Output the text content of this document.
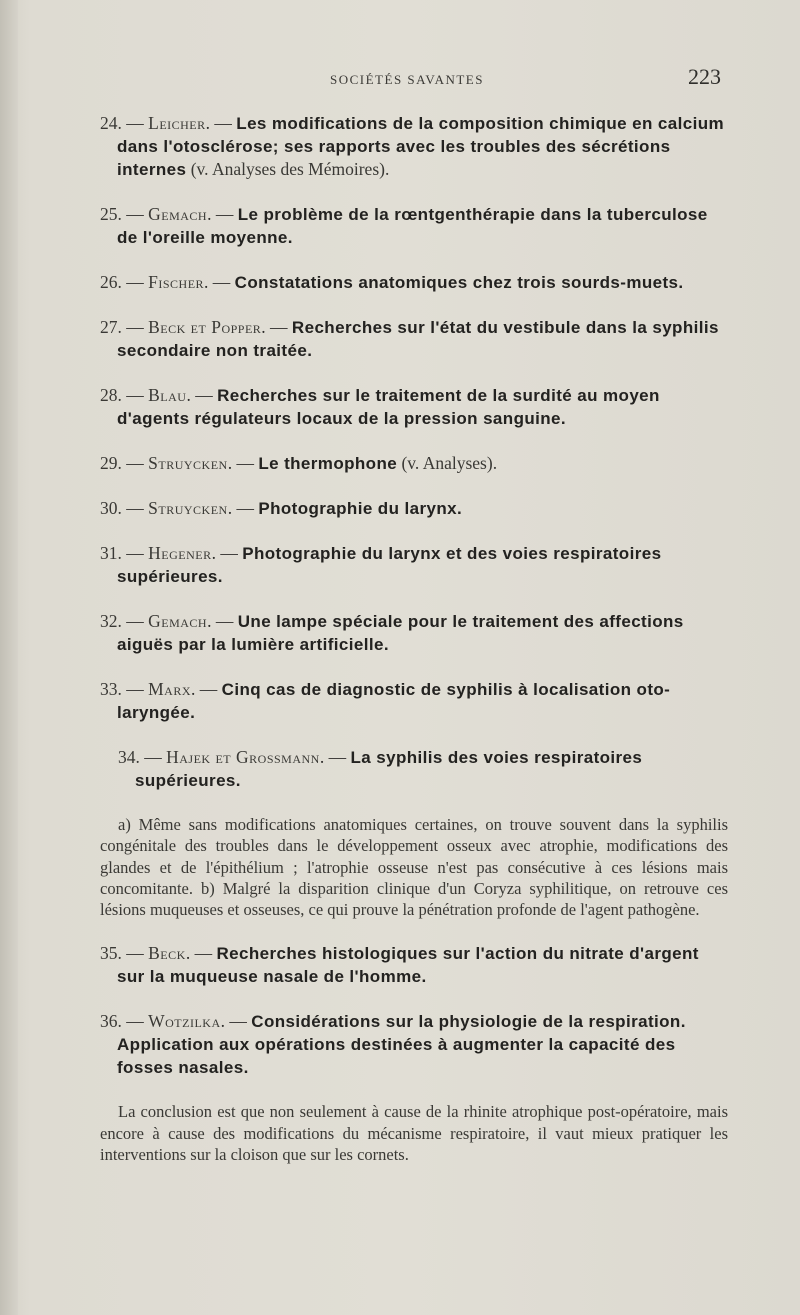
SOCIÉTÉS SAVANTES	223

24. — Leicher. — Les modifications de la composition chimique en calcium dans l'otosclérose; ses rapports avec les troubles des sécrétions internes (v. Analyses des Mémoires).

25. — Gemach. — Le problème de la rœntgenthérapie dans la tuberculose de l'oreille moyenne.

26. — Fischer. — Constatations anatomiques chez trois sourds-muets.

27. — Beck et Popper. — Recherches sur l'état du vestibule dans la syphilis secondaire non traitée.

28. — Blau. — Recherches sur le traitement de la surdité au moyen d'agents régulateurs locaux de la pression sanguine.

29. — Struycken. — Le thermophone (v. Analyses).

30. — Struycken. — Photographie du larynx.

31. — Hegener. — Photographie du larynx et des voies respiratoires supérieures.

32. — Gemach. — Une lampe spéciale pour le traitement des affections aiguës par la lumière artificielle.

33. — Marx. — Cinq cas de diagnostic de syphilis à localisation oto-laryngée.

34. — Hajek et Grossmann. — La syphilis des voies respiratoires supérieures.

a) Même sans modifications anatomiques certaines, on trouve souvent dans la syphilis congénitale des troubles dans le développement osseux avec atrophie, modifications des glandes et de l'épithélium ; l'atrophie osseuse n'est pas consécutive à ces lésions mais concomitante. b) Malgré la disparition clinique d'un Coryza syphilitique, on retrouve ces lésions muqueuses et osseuses, ce qui prouve la pénétration profonde de l'agent pathogène.

35. — Beck. — Recherches histologiques sur l'action du nitrate d'argent sur la muqueuse nasale de l'homme.

36. — Wotzilka. — Considérations sur la physiologie de la respiration. Application aux opérations destinées à augmenter la capacité des fosses nasales.

La conclusion est que non seulement à cause de la rhinite atrophique post-opératoire, mais encore à cause des modifications du mécanisme respiratoire, il vaut mieux pratiquer les interventions sur la cloison que sur les cornets.
